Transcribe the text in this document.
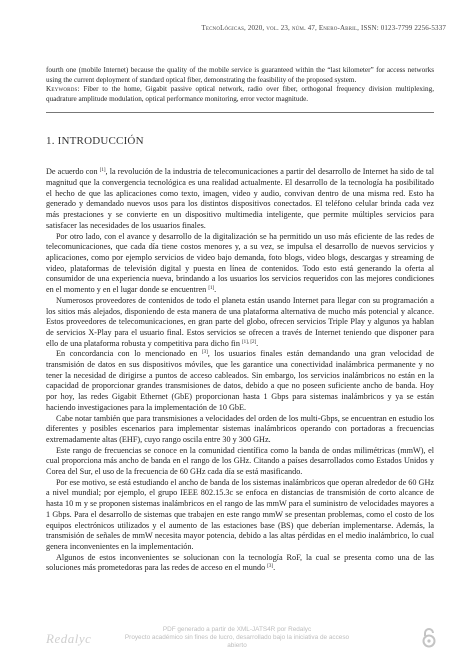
TecnoLógicas, 2020, vol. 23, núm. 47, Enero-Abril, ISSN: 0123-7799 2256-5337

fourth one (mobile Internet) because the quality of the mobile service is guaranteed within the “last kilometer” for access networks using the current deployment of standard optical fiber, demonstrating the feasibility of the proposed system.

Keywords: Fiber to the home, Gigabit passive optical network, radio over fiber, orthogonal frequency division multiplexing, quadrature amplitude modulation, optical performance monitoring, error vector magnitude.

1. INTRODUCCIÓN

De acuerdo con [1], la revolución de la industria de telecomunicaciones a partir del desarrollo de Internet ha sido de tal magnitud que la convergencia tecnológica es una realidad actualmente. El desarrollo de la tecnología ha posibilitado el hecho de que las aplicaciones como texto, imagen, video y audio, convivan dentro de una misma red. Esto ha generado y demandado nuevos usos para los distintos dispositivos conectados. El teléfono celular brinda cada vez más prestaciones y se convierte en un dispositivo multimedia inteligente, que permite múltiples servicios para satisfacer las necesidades de los usuarios finales.

Por otro lado, con el avance y desarrollo de la digitalización se ha permitido un uso más eficiente de las redes de telecomunicaciones, que cada día tiene costos menores y, a su vez, se impulsa el desarrollo de nuevos servicios y aplicaciones, como por ejemplo servicios de video bajo demanda, foto blogs, video blogs, descargas y streaming de video, plataformas de televisión digital y puesta en línea de contenidos. Todo esto está generando la oferta al consumidor de una experiencia nueva, brindando a los usuarios los servicios requeridos con las mejores condiciones en el momento y en el lugar donde se encuentren [1].

Numerosos proveedores de contenidos de todo el planeta están usando Internet para llegar con su programación a los sitios más alejados, disponiendo de esta manera de una plataforma alternativa de mucho más potencial y alcance. Estos proveedores de telecomunicaciones, en gran parte del globo, ofrecen servicios Triple Play y algunos ya hablan de servicios X-Play para el usuario final. Estos servicios se ofrecen a través de Internet teniendo que disponer para ello de una plataforma robusta y competitiva para dicho fin [1], [2].

En concordancia con lo mencionado en [3], los usuarios finales están demandando una gran velocidad de transmisión de datos en sus dispositivos móviles, que les garantice una conectividad inalámbrica permanente y no tener la necesidad de dirigirse a puntos de acceso cableados. Sin embargo, los servicios inalámbricos no están en la capacidad de proporcionar grandes transmisiones de datos, debido a que no poseen suficiente ancho de banda. Hoy por hoy, las redes Gigabit Ethernet (GbE) proporcionan hasta 1 Gbps para sistemas inalámbricos y ya se están haciendo investigaciones para la implementación de 10 GbE.

Cabe notar también que para transmisiones a velocidades del orden de los multi-Gbps, se encuentran en estudio los diferentes y posibles escenarios para implementar sistemas inalámbricos operando con portadoras a frecuencias extremadamente altas (EHF), cuyo rango oscila entre 30 y 300 GHz.

Este rango de frecuencias se conoce en la comunidad científica como la banda de ondas milimétricas (mmW), el cual proporciona más ancho de banda en el rango de los GHz. Citando a países desarrollados como Estados Unidos y Corea del Sur, el uso de la frecuencia de 60 GHz cada día se está masificando.

Por ese motivo, se está estudiando el ancho de banda de los sistemas inalámbricos que operan alrededor de 60 GHz a nivel mundial; por ejemplo, el grupo IEEE 802.15.3c se enfoca en distancias de transmisión de corto alcance de hasta 10 m y se proponen sistemas inalámbricos en el rango de las mmW para el suministro de velocidades mayores a 1 Gbps. Para el desarrollo de sistemas que trabajen en este rango mmW se presentan problemas, como el costo de los equipos electrónicos utilizados y el aumento de las estaciones base (BS) que deberían implementarse. Además, la transmisión de señales de mmW necesita mayor potencia, debido a las altas pérdidas en el medio inalámbrico, lo cual genera inconvenientes en la implementación.

Algunos de estos inconvenientes se solucionan con la tecnología RoF, la cual se presenta como una de las soluciones más prometedoras para las redes de acceso en el mundo [3].

Redalyc
PDF generado a partir de XML-JATS4R por Redalyc
Proyecto académico sin fines de lucro, desarrollado bajo la iniciativa de acceso abierto
